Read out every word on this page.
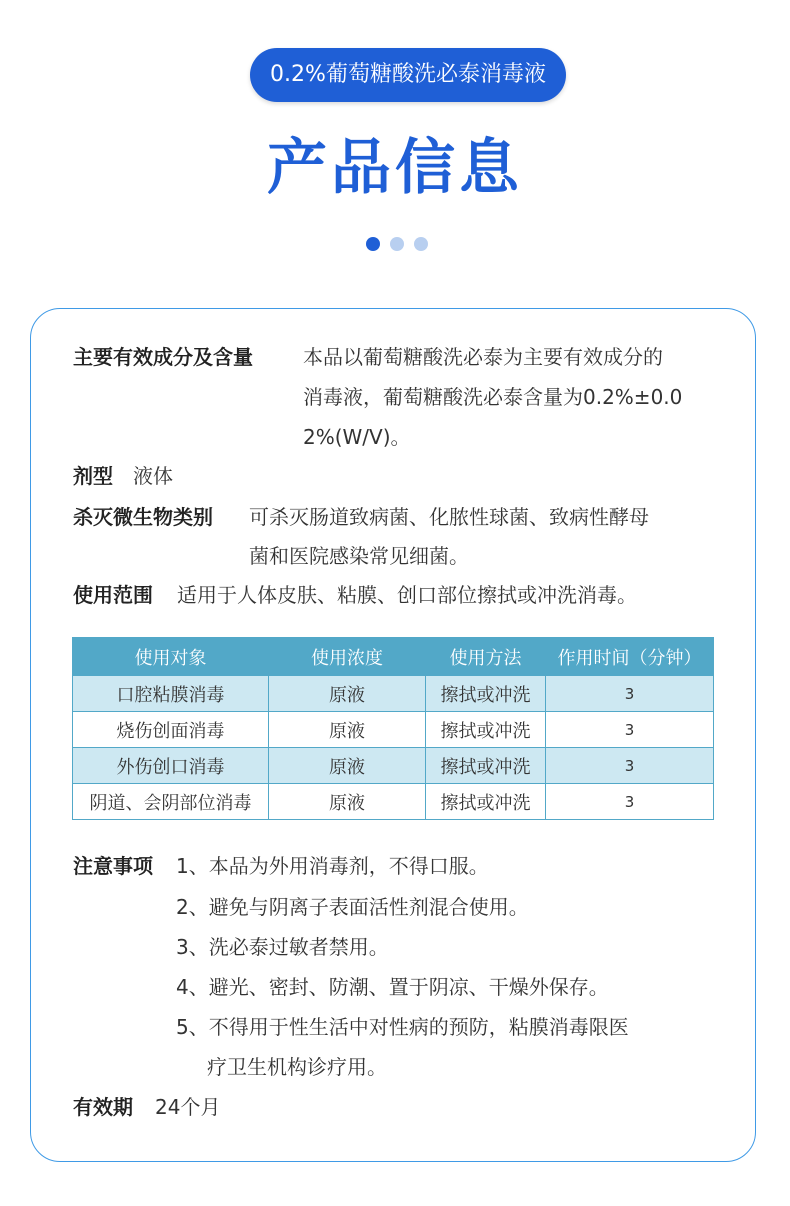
0.2%葡萄糖酸洗必泰消毒液
产品信息
主要有效成分及含量	本品以葡萄糖酸洗必泰为主要有效成分的
消毒液，葡萄糖酸洗必泰含量为0.2%±0.0
2%(W/V)。
剂型 液体
杀灭微生物类别 可杀灭肠道致病菌、化脓性球菌、致病性酵母
菌和医院感染常见细菌。
使用范围 适用于人体皮肤、粘膜、创口部位擦拭或冲洗消毒。
使用对象	使用浓度	使用方法	作用时间（分钟）
口腔粘膜消毒	原液	擦拭或冲洗	3
烧伤创面消毒	原液	擦拭或冲洗	3
外伤创口消毒	原液	擦拭或冲洗	3
阴道、会阴部位消毒	原液	擦拭或冲洗	3
注意事项 1、本品为外用消毒剂，不得口服。
2、避免与阴离子表面活性剂混合使用。
3、洗必泰过敏者禁用。
4、避光、密封、防潮、置于阴凉、干燥外保存。
5、不得用于性生活中对性病的预防，粘膜消毒限医
疗卫生机构诊疗用。
有效期 24个月
